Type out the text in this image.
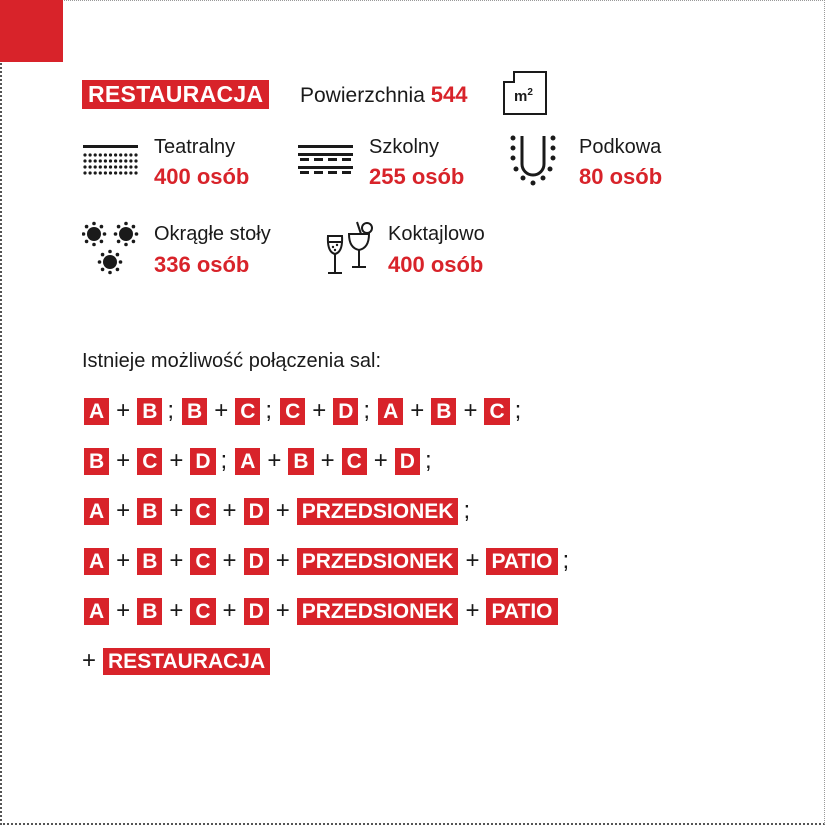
RESTAURACJA Powierzchnia 544	$m^2$
Teatralny
400 osób
Szkolny
255 osób
Podkowa
80 osób
Okrągłe stoły
336 osób
Koktajlowo
400 osób
Istnieje możliwość połączenia sal:
A + B ; B + C ; C + D ; A + B + C ;
B + C + D ; A + B + C + D ;
A + B + C + D + PRZEDSIONEK ;
A + B + C + D + PRZEDSIONEK + PATIO ;
A + B + C + D + PRZEDSIONEK + PATIO
+ RESTAURACJA
